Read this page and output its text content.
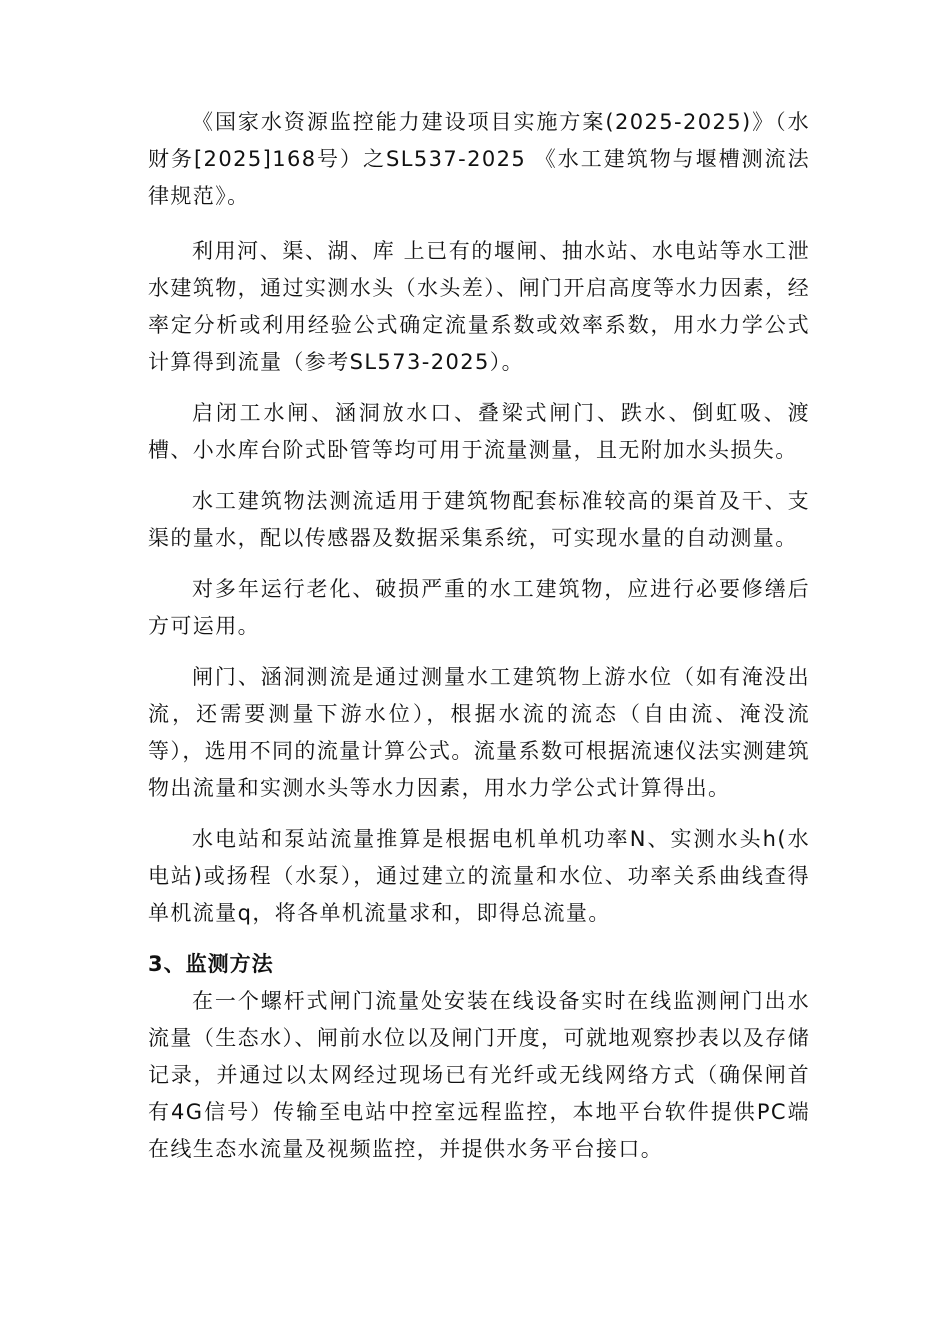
《国家水资源监控能力建设项目实施方案(2025-2025)》（水财务[2025]168号）之SL537-2025 《水工建筑物与堰槽测流法律规范》。

利用河、渠、湖、库 上已有的堰闸、抽水站、水电站等水工泄水建筑物，通过实测水头（水头差）、闸门开启高度等水力因素，经率定分析或利用经验公式确定流量系数或效率系数，用水力学公式计算得到流量（参考SL573-2025）。

启闭工水闸、涵洞放水口、叠梁式闸门、跌水、倒虹吸、渡槽、小水库台阶式卧管等均可用于流量测量，且无附加水头损失。

水工建筑物法测流适用于建筑物配套标准较高的渠首及干、支渠的量水，配以传感器及数据采集系统，可实现水量的自动测量。

对多年运行老化、破损严重的水工建筑物，应进行必要修缮后方可运用。

闸门、涵洞测流是通过测量水工建筑物上游水位（如有淹没出流，还需要测量下游水位），根据水流的流态（自由流、淹没流等），选用不同的流量计算公式。流量系数可根据流速仪法实测建筑物出流量和实测水头等水力因素，用水力学公式计算得出。

水电站和泵站流量推算是根据电机单机功率N、实测水头h(水电站)或扬程（水泵），通过建立的流量和水位、功率关系曲线查得单机流量q，将各单机流量求和，即得总流量。

3、监测方法

在一个螺杆式闸门流量处安装在线设备实时在线监测闸门出水流量（生态水）、闸前水位以及闸门开度，可就地观察抄表以及存储记录，并通过以太网经过现场已有光纤或无线网络方式（确保闸首有4G信号）传输至电站中控室远程监控，本地平台软件提供PC端在线生态水流量及视频监控，并提供水务平台接口。
